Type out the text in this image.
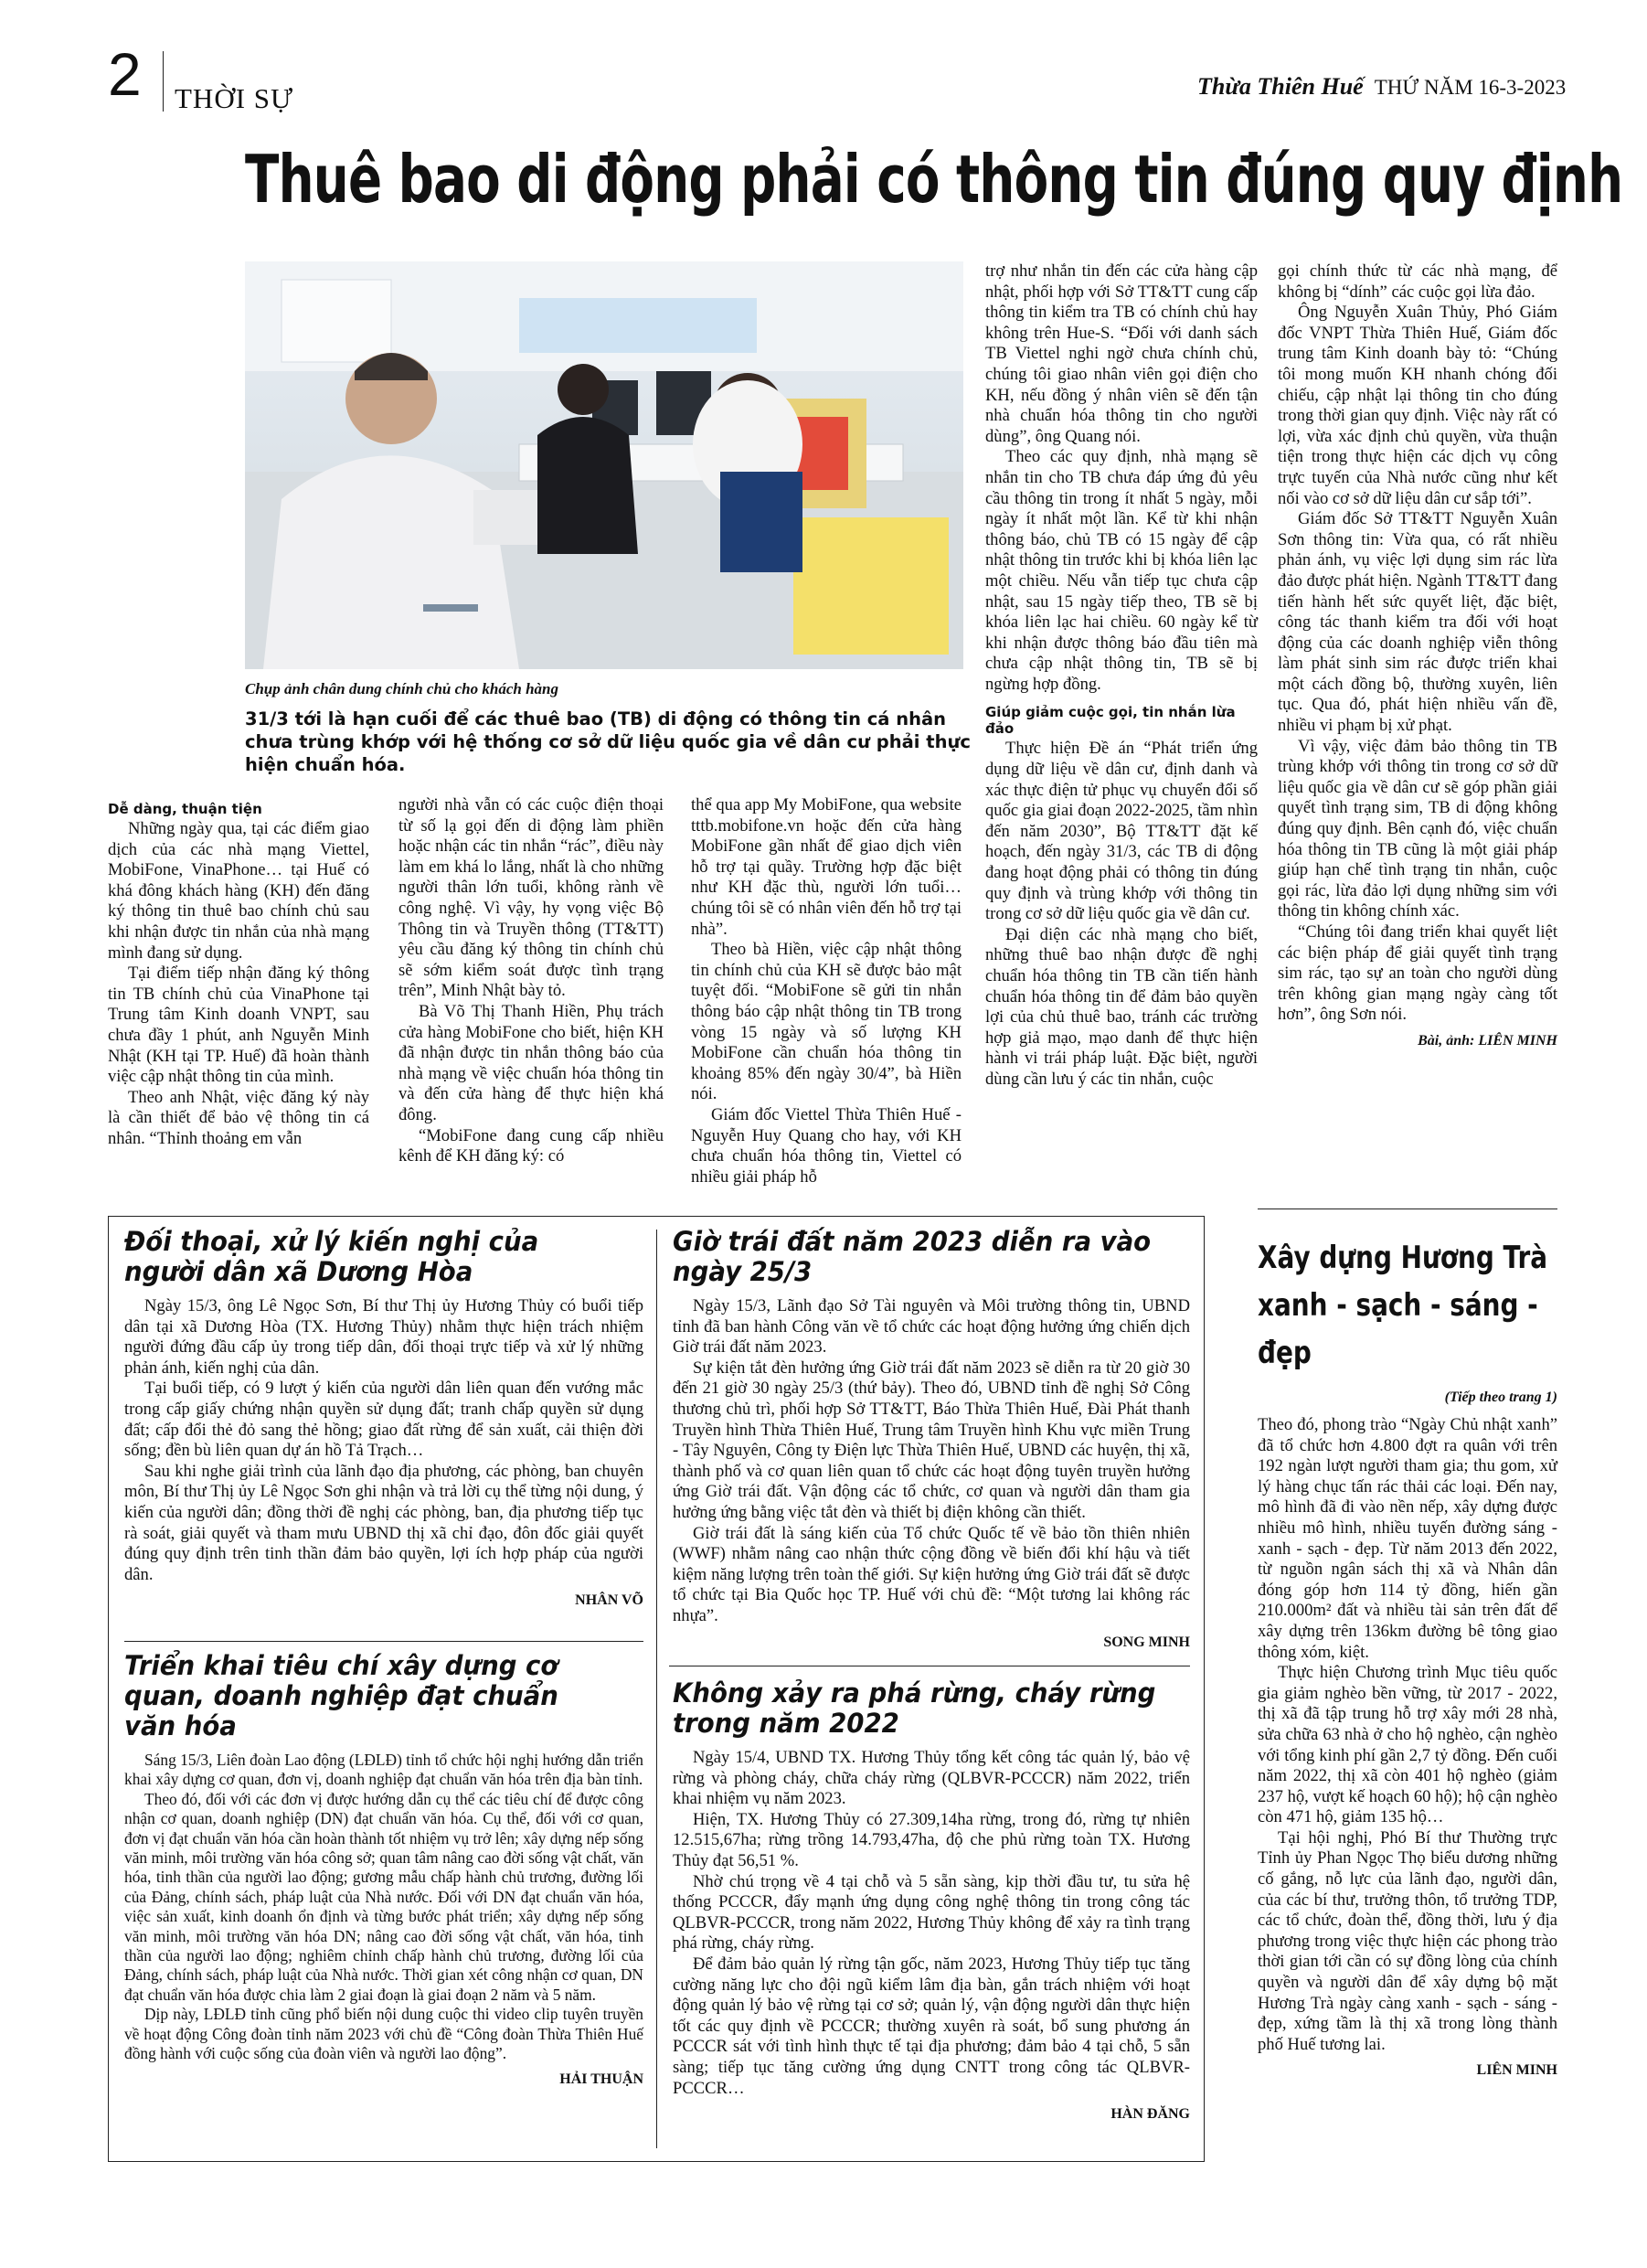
2 THỜI SỰ	Thừa Thiên Huế THỨ NĂM 16-3-2023
Thuê bao di động phải có thông tin đúng quy định
Chụp ảnh chân dung chính chủ cho khách hàng
31/3 tới là hạn cuối để các thuê bao (TB) di động có thông tin cá nhân chưa trùng khớp với hệ thống cơ sở dữ liệu quốc gia về dân cư phải thực hiện chuẩn hóa.
Dễ dàng, thuận tiện

Những ngày qua, tại các điểm giao dịch của các nhà mạng Viettel, MobiFone, VinaPhone… tại Huế có khá đông khách hàng (KH) đến đăng ký thông tin thuê bao chính chủ sau khi nhận được tin nhắn của nhà mạng mình đang sử dụng.

Tại điểm tiếp nhận đăng ký thông tin TB chính chủ của VinaPhone tại Trung tâm Kinh doanh VNPT, sau chưa đầy 1 phút, anh Nguyễn Minh Nhật (KH tại TP. Huế) đã hoàn thành việc cập nhật thông tin của mình.

Theo anh Nhật, việc đăng ký này là cần thiết để bảo vệ thông tin cá nhân. “Thỉnh thoảng em vẫn

người nhà vẫn có các cuộc điện thoại từ số lạ gọi đến di động làm phiền hoặc nhận các tin nhắn “rác”, điều này làm em khá lo lắng, nhất là cho những người thân lớn tuổi, không rành về công nghệ. Vì vậy, hy vọng việc Bộ Thông tin và Truyền thông (TT&TT) yêu cầu đăng ký thông tin chính chủ sẽ sớm kiểm soát được tình trạng trên”, Minh Nhật bày tỏ.

Bà Võ Thị Thanh Hiền, Phụ trách cửa hàng MobiFone cho biết, hiện KH đã nhận được tin nhắn thông báo của nhà mạng về việc chuẩn hóa thông tin và đến cửa hàng để thực hiện khá đông.

“MobiFone đang cung cấp nhiều kênh để KH đăng ký: có

thể qua app My MobiFone, qua website tttb.mobifone.vn hoặc đến cửa hàng MobiFone gần nhất để giao dịch viên hỗ trợ tại quầy. Trường hợp đặc biệt như KH đặc thù, người lớn tuổi… chúng tôi sẽ có nhân viên đến hỗ trợ tại nhà”.

Theo bà Hiền, việc cập nhật thông tin chính chủ của KH sẽ được bảo mật tuyệt đối. “MobiFone sẽ gửi tin nhắn thông báo cập nhật thông tin TB trong vòng 15 ngày và số lượng KH MobiFone cần chuẩn hóa thông tin khoảng 85% đến ngày 30/4”, bà Hiền nói.

Giám đốc Viettel Thừa Thiên Huế - Nguyễn Huy Quang cho hay, với KH chưa chuẩn hóa thông tin, Viettel có nhiều giải pháp hỗ

trợ như nhắn tin đến các cửa hàng cập nhật, phối hợp với Sở TT&TT cung cấp thông tin kiểm tra TB có chính chủ hay không trên Hue-S. “Đối với danh sách TB Viettel nghi ngờ chưa chính chủ, chúng tôi giao nhân viên gọi điện cho KH, nếu đồng ý nhân viên sẽ đến tận nhà chuẩn hóa thông tin cho người dùng”, ông Quang nói.

Theo các quy định, nhà mạng sẽ nhắn tin cho TB chưa đáp ứng đủ yêu cầu thông tin trong ít nhất 5 ngày, mỗi ngày ít nhất một lần. Kể từ khi nhận thông báo, chủ TB có 15 ngày để cập nhật thông tin trước khi bị khóa liên lạc một chiều. Nếu vẫn tiếp tục chưa cập nhật, sau 15 ngày tiếp theo, TB sẽ bị khóa liên lạc hai chiều. 60 ngày kể từ khi nhận được thông báo đầu tiên mà chưa cập nhật thông tin, TB sẽ bị ngừng hợp đồng.

Giúp giảm cuộc gọi, tin nhắn lừa đảo

Thực hiện Đề án “Phát triển ứng dụng dữ liệu về dân cư, định danh và xác thực điện tử phục vụ chuyển đổi số quốc gia giai đoạn 2022-2025, tầm nhìn đến năm 2030”, Bộ TT&TT đặt kế hoạch, đến ngày 31/3, các TB di động đang hoạt động phải có thông tin đúng quy định và trùng khớp với thông tin trong cơ sở dữ liệu quốc gia về dân cư.

Đại diện các nhà mạng cho biết, những thuê bao nhận được đề nghị chuẩn hóa thông tin TB cần tiến hành chuẩn hóa thông tin để đảm bảo quyền lợi của chủ thuê bao, tránh các trường hợp giả mạo, mạo danh để thực hiện hành vi trái pháp luật. Đặc biệt, người dùng cần lưu ý các tin nhắn, cuộc

gọi chính thức từ các nhà mạng, để không bị “dính” các cuộc gọi lừa đảo.

Ông Nguyễn Xuân Thủy, Phó Giám đốc VNPT Thừa Thiên Huế, Giám đốc trung tâm Kinh doanh bày tỏ: “Chúng tôi mong muốn KH nhanh chóng đối chiếu, cập nhật lại thông tin cho đúng trong thời gian quy định. Việc này rất có lợi, vừa xác định chủ quyền, vừa thuận tiện trong thực hiện các dịch vụ công trực tuyến của Nhà nước cũng như kết nối vào cơ sở dữ liệu dân cư sắp tới”.

Giám đốc Sở TT&TT Nguyễn Xuân Sơn thông tin: Vừa qua, có rất nhiều phản ánh, vụ việc lợi dụng sim rác lừa đảo được phát hiện. Ngành TT&TT đang tiến hành hết sức quyết liệt, đặc biệt, công tác thanh kiểm tra đối với hoạt động của các doanh nghiệp viễn thông làm phát sinh sim rác được triển khai một cách đồng bộ, thường xuyên, liên tục. Qua đó, phát hiện nhiều vấn đề, nhiều vi phạm bị xử phạt.

Vì vậy, việc đảm bảo thông tin TB trùng khớp với thông tin trong cơ sở dữ liệu quốc gia về dân cư sẽ góp phần giải quyết tình trạng sim, TB di động không đúng quy định. Bên cạnh đó, việc chuẩn hóa thông tin TB cũng là một giải pháp giúp hạn chế tình trạng tin nhắn, cuộc gọi rác, lừa đảo lợi dụng những sim với thông tin không chính xác.

“Chúng tôi đang triển khai quyết liệt các biện pháp để giải quyết tình trạng sim rác, tạo sự an toàn cho người dùng trên không gian mạng ngày càng tốt hơn”, ông Sơn nói.

Bài, ảnh: LIÊN MINH
Đối thoại, xử lý kiến nghị của người dân xã Dương Hòa

Ngày 15/3, ông Lê Ngọc Sơn, Bí thư Thị ủy Hương Thủy có buổi tiếp dân tại xã Dương Hòa (TX. Hương Thủy) nhằm thực hiện trách nhiệm người đứng đầu cấp ủy trong tiếp dân, đối thoại trực tiếp và xử lý những phản ánh, kiến nghị của dân.

Tại buổi tiếp, có 9 lượt ý kiến của người dân liên quan đến vướng mắc trong cấp giấy chứng nhận quyền sử dụng đất; tranh chấp quyền sử dụng đất; cấp đổi thẻ đỏ sang thẻ hồng; giao đất rừng để sản xuất, cải thiện đời sống; đền bù liên quan dự án hồ Tả Trạch…

Sau khi nghe giải trình của lãnh đạo địa phương, các phòng, ban chuyên môn, Bí thư Thị ủy Lê Ngọc Sơn ghi nhận và trả lời cụ thể từng nội dung, ý kiến của người dân; đồng thời đề nghị các phòng, ban, địa phương tiếp tục rà soát, giải quyết và tham mưu UBND thị xã chỉ đạo, đôn đốc giải quyết đúng quy định trên tinh thần đảm bảo quyền, lợi ích hợp pháp của người dân.

NHÂN VÕ
Triển khai tiêu chí xây dựng cơ quan, doanh nghiệp đạt chuẩn văn hóa

Sáng 15/3, Liên đoàn Lao động (LĐLĐ) tỉnh tổ chức hội nghị hướng dẫn triển khai xây dựng cơ quan, đơn vị, doanh nghiệp đạt chuẩn văn hóa trên địa bàn tỉnh.

Theo đó, đối với các đơn vị được hướng dẫn cụ thể các tiêu chí để được công nhận cơ quan, doanh nghiệp (DN) đạt chuẩn văn hóa. Cụ thể, đối với cơ quan, đơn vị đạt chuẩn văn hóa cần hoàn thành tốt nhiệm vụ trở lên; xây dựng nếp sống văn minh, môi trường văn hóa công sở; quan tâm nâng cao đời sống vật chất, văn hóa, tinh thần của người lao động; gương mẫu chấp hành chủ trương, đường lối của Đảng, chính sách, pháp luật của Nhà nước. Đối với DN đạt chuẩn văn hóa, việc sản xuất, kinh doanh ổn định và từng bước phát triển; xây dựng nếp sống văn minh, môi trường văn hóa DN; nâng cao đời sống vật chất, văn hóa, tinh thần của người lao động; nghiêm chỉnh chấp hành chủ trương, đường lối của Đảng, chính sách, pháp luật của Nhà nước. Thời gian xét công nhận cơ quan, DN đạt chuẩn văn hóa được chia làm 2 giai đoạn là giai đoạn 2 năm và 5 năm.

Dịp này, LĐLĐ tỉnh cũng phổ biến nội dung cuộc thi video clip tuyên truyền về hoạt động Công đoàn tỉnh năm 2023 với chủ đề “Công đoàn Thừa Thiên Huế đồng hành với cuộc sống của đoàn viên và người lao động”.

HẢI THUẬN
Giờ trái đất năm 2023 diễn ra vào ngày 25/3

Ngày 15/3, Lãnh đạo Sở Tài nguyên và Môi trường thông tin, UBND tỉnh đã ban hành Công văn về tổ chức các hoạt động hưởng ứng chiến dịch Giờ trái đất năm 2023.

Sự kiện tắt đèn hưởng ứng Giờ trái đất năm 2023 sẽ diễn ra từ 20 giờ 30 đến 21 giờ 30 ngày 25/3 (thứ bảy). Theo đó, UBND tỉnh đề nghị Sở Công thương chủ trì, phối hợp Sở TT&TT, Báo Thừa Thiên Huế, Đài Phát thanh Truyền hình Thừa Thiên Huế, Trung tâm Truyền hình Khu vực miền Trung - Tây Nguyên, Công ty Điện lực Thừa Thiên Huế, UBND các huyện, thị xã, thành phố và cơ quan liên quan tổ chức các hoạt động tuyên truyền hưởng ứng Giờ trái đất. Vận động các tổ chức, cơ quan và người dân tham gia hưởng ứng bằng việc tắt đèn và thiết bị điện không cần thiết.

Giờ trái đất là sáng kiến của Tổ chức Quốc tế về bảo tồn thiên nhiên (WWF) nhằm nâng cao nhận thức cộng đồng về biến đổi khí hậu và tiết kiệm năng lượng trên toàn thế giới. Sự kiện hưởng ứng Giờ trái đất sẽ được tổ chức tại Bia Quốc học TP. Huế với chủ đề: “Một tương lai không rác nhựa”.

SONG MINH
Không xảy ra phá rừng, cháy rừng trong năm 2022

Ngày 15/4, UBND TX. Hương Thủy tổng kết công tác quản lý, bảo vệ rừng và phòng cháy, chữa cháy rừng (QLBVR-PCCCR) năm 2022, triển khai nhiệm vụ năm 2023.

Hiện, TX. Hương Thủy có 27.309,14ha rừng, trong đó, rừng tự nhiên 12.515,67ha; rừng trồng 14.793,47ha, độ che phủ rừng toàn TX. Hương Thủy đạt 56,51 %.

Nhờ chú trọng về 4 tại chỗ và 5 sẵn sàng, kịp thời đầu tư, tu sửa hệ thống PCCCR, đẩy mạnh ứng dụng công nghệ thông tin trong công tác QLBVR-PCCCR, trong năm 2022, Hương Thủy không để xảy ra tình trạng phá rừng, cháy rừng.

Để đảm bảo quản lý rừng tận gốc, năm 2023, Hương Thủy tiếp tục tăng cường năng lực cho đội ngũ kiểm lâm địa bàn, gắn trách nhiệm với hoạt động quản lý bảo vệ rừng tại cơ sở; quản lý, vận động người dân thực hiện tốt các quy định về PCCCR; thường xuyên rà soát, bổ sung phương án PCCCR sát với tình hình thực tế tại địa phương; đảm bảo 4 tại chỗ, 5 sẵn sàng; tiếp tục tăng cường ứng dụng CNTT trong công tác QLBVR-PCCCR…

HÀN ĐĂNG
Xây dựng Hương Trà xanh - sạch - sáng - đẹp
(Tiếp theo trang 1)

Theo đó, phong trào “Ngày Chủ nhật xanh” đã tổ chức hơn 4.800 đợt ra quân với trên 192 ngàn lượt người tham gia; thu gom, xử lý hàng chục tấn rác thải các loại. Đến nay, mô hình đã đi vào nền nếp, xây dựng được nhiều mô hình, nhiều tuyến đường sáng - xanh - sạch - đẹp. Từ năm 2013 đến 2022, từ nguồn ngân sách thị xã và Nhân dân đóng góp hơn 114 tỷ đồng, hiến gần 210.000m² đất và nhiều tài sản trên đất để xây dựng trên 136km đường bê tông giao thông xóm, kiệt.

Thực hiện Chương trình Mục tiêu quốc gia giảm nghèo bền vững, từ 2017 - 2022, thị xã đã tập trung hỗ trợ xây mới 28 nhà, sửa chữa 63 nhà ở cho hộ nghèo, cận nghèo với tổng kinh phí gần 2,7 tỷ đồng. Đến cuối năm 2022, thị xã còn 401 hộ nghèo (giảm 237 hộ, vượt kế hoạch 60 hộ); hộ cận nghèo còn 471 hộ, giảm 135 hộ…

Tại hội nghị, Phó Bí thư Thường trực Tỉnh ủy Phan Ngọc Thọ biểu dương những cố gắng, nỗ lực của lãnh đạo, người dân, của các bí thư, trưởng thôn, tổ trưởng TDP, các tổ chức, đoàn thể, đồng thời, lưu ý địa phương trong việc thực hiện các phong trào thời gian tới cần có sự đồng lòng của chính quyền và người dân để xây dựng bộ mặt Hương Trà ngày càng xanh - sạch - sáng - đẹp, xứng tầm là thị xã trong lòng thành phố Huế tương lai.

LIÊN MINH
